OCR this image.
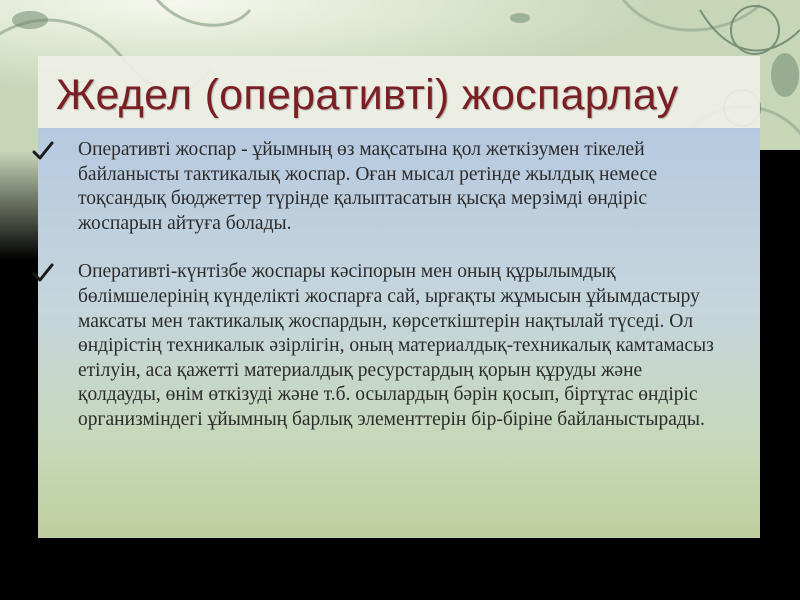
Жедел (оперативті) жоспарлау
Оперативті жоспар - ұйымның өз мақсатына қол жеткізумен тікелей байланысты тактикалық жоспар. Оған мысал ретінде жылдық немесе тоқсандық бюджеттер түрінде қалыптасатын қысқа мерзімді өндіріс жоспарын айтуға болады.
Оперативті-күнтізбе жоспары кәсіпорын мен оның құрылымдық бөлімшелерінің күнделікті жоспарға сай, ырғақты жұмысын ұйымдастыру максаты мен тактикалық жоспардын, көрсеткіштерін нақтылай түседі. Ол өндірістің техникалык әзірлігін, оның материалдық-техникалық камтамасыз етілуін, аса қажетті материалдық ресурстардың қорын құруды және қолдауды, өнім өткізуді және т.б. осылардың бәрін қосып, біртұтас өндіріс организміндегі ұйымның барлық элементтерін бір-біріне байланыстырады.
